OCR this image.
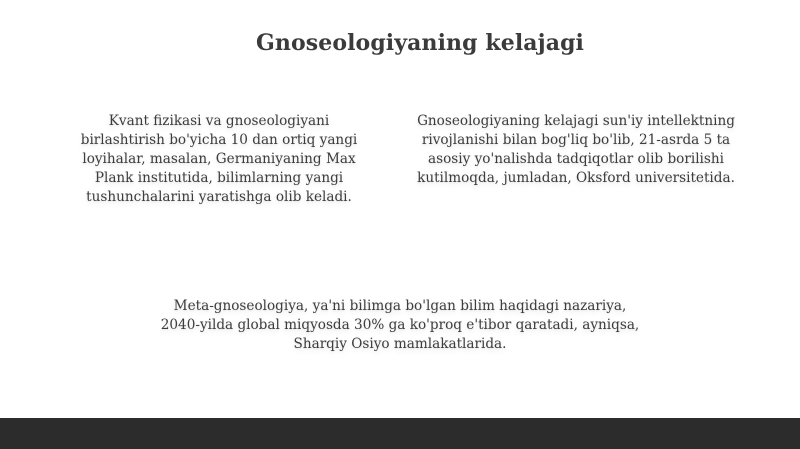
Gnoseologiyaning kelajagi
Kvant fizikasi va gnoseologiyani
birlashtirish bo'yicha 10 dan ortiq yangi
loyihalar, masalan, Germaniyaning Max
Plank institutida, bilimlarning yangi
tushunchalarini yaratishga olib keladi.
Gnoseologiyaning kelajagi sun'iy intellektning
rivojlanishi bilan bog'liq bo'lib, 21-asrda 5 ta
asosiy yo'nalishda tadqiqotlar olib borilishi
kutilmoqda, jumladan, Oksford universitetida.
Meta-gnoseologiya, ya'ni bilimga bo'lgan bilim haqidagi nazariya,
2040-yilda global miqyosda 30% ga ko'proq e'tibor qaratadi, ayniqsa,
Sharqiy Osiyo mamlakatlarida.
